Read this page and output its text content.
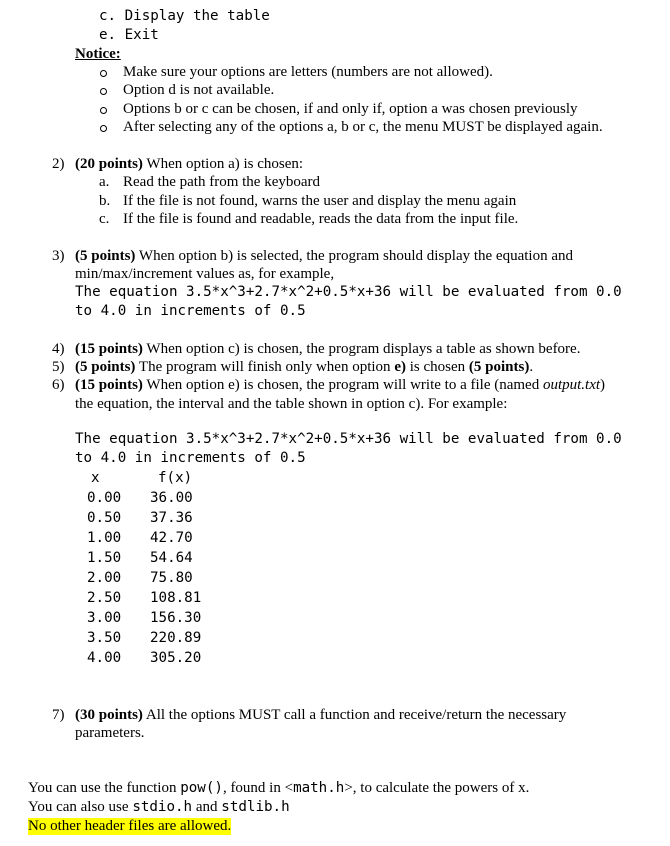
c. Display the table
e. Exit
Notice:
Make sure your options are letters (numbers are not allowed).
Option d is not available.
Options b or c can be chosen, if and only if, option a was chosen previously
After selecting any of the options a, b or c, the menu MUST be displayed again.
2) (20 points) When option a) is chosen:
a. Read the path from the keyboard
b. If the file is not found, warns the user and display the menu again
c. If the file is found and readable, reads the data from the input file.
3) (5 points) When option b) is selected, the program should display the equation and
min/max/increment values as, for example,
The equation 3.5*x^3+2.7*x^2+0.5*x+36 will be evaluated from 0.0
to 4.0 in increments of 0.5
4) (15 points) When option c) is chosen, the program displays a table as shown before.
5) (5 points) The program will finish only when option e) is chosen (5 points).
6) (15 points) When option e) is chosen, the program will write to a file (named output.txt)
the equation, the interval and the table shown in option c). For example:
The equation 3.5*x^3+2.7*x^2+0.5*x+36 will be evaluated from 0.0
to 4.0 in increments of 0.5
x	f(x)
0.00 36.00
0.50 37.36
1.00 42.70
1.50 54.64
2.00 75.80
2.50 108.81
3.00 156.30
3.50 220.89
4.00 305.20
7) (30 points) All the options MUST call a function and receive/return the necessary
parameters.
You can use the function pow(), found in <math.h>, to calculate the powers of x.
You can also use stdio.h and stdlib.h
No other header files are allowed.
